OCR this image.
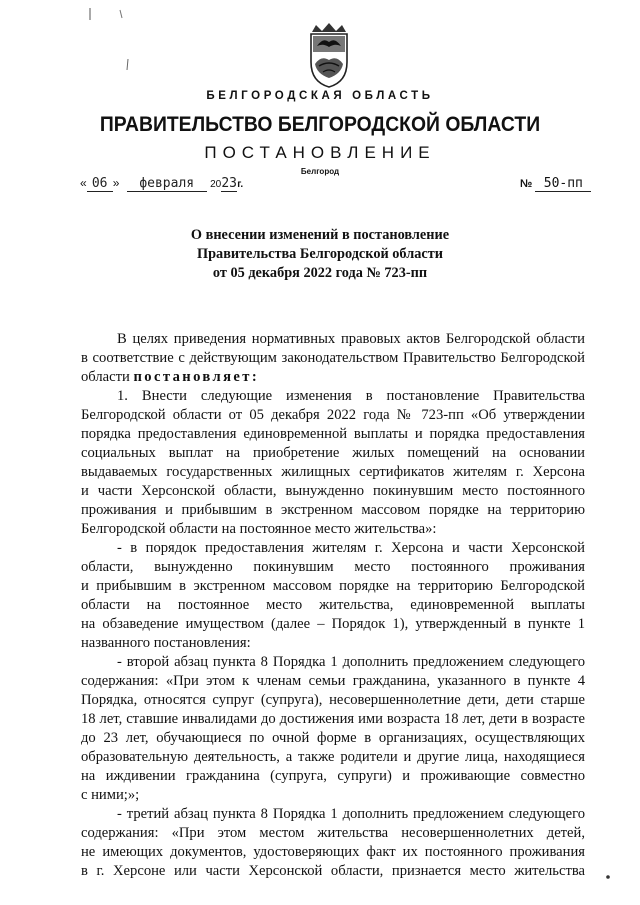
БЕЛГОРОДСКАЯ ОБЛАСТЬ
ПРАВИТЕЛЬСТВО БЕЛГОРОДСКОЙ ОБЛАСТИ
ПОСТАНОВЛЕНИЕ
Белгород
« 06 » февраля 2023г.	№ 50-пп
О внесении изменений в постановление
Правительства Белгородской области
от 05 декабря 2022 года № 723-пп
В целях приведения нормативных правовых актов Белгородской области
в соответствие с действующим законодательством Правительство Белгородской
области постановляет:
1. Внести следующие изменения в постановление Правительства
Белгородской области от 05 декабря 2022 года № 723-пп «Об утверждении
порядка предоставления единовременной выплаты и порядка предоставления
социальных выплат на приобретение жилых помещений на основании
выдаваемых государственных жилищных сертификатов жителям г. Херсона
и части Херсонской области, вынужденно покинувшим место постоянного
проживания и прибывшим в экстренном массовом порядке на территорию
Белгородской области на постоянное место жительства»:
- в порядок предоставления жителям г. Херсона и части Херсонской
области, вынужденно покинувшим место постоянного проживания
и прибывшим в экстренном массовом порядке на территорию Белгородской
области на постоянное место жительства, единовременной выплаты
на обзаведение имуществом (далее – Порядок 1), утвержденный в пункте 1
названного постановления:
- второй абзац пункта 8 Порядка 1 дополнить предложением следующего
содержания: «При этом к членам семьи гражданина, указанного в пункте 4
Порядка, относятся супруг (супруга), несовершеннолетние дети, дети старше
18 лет, ставшие инвалидами до достижения ими возраста 18 лет, дети в возрасте
до 23 лет, обучающиеся по очной форме в организациях, осуществляющих
образовательную деятельность, а также родители и другие лица, находящиеся
на иждивении гражданина (супруга, супруги) и проживающие совместно
с ними;»;
- третий абзац пункта 8 Порядка 1 дополнить предложением следующего
содержания: «При этом местом жительства несовершеннолетних детей,
не имеющих документов, удостоверяющих факт их постоянного проживания
в г. Херсоне или части Херсонской области, признается место жительства
